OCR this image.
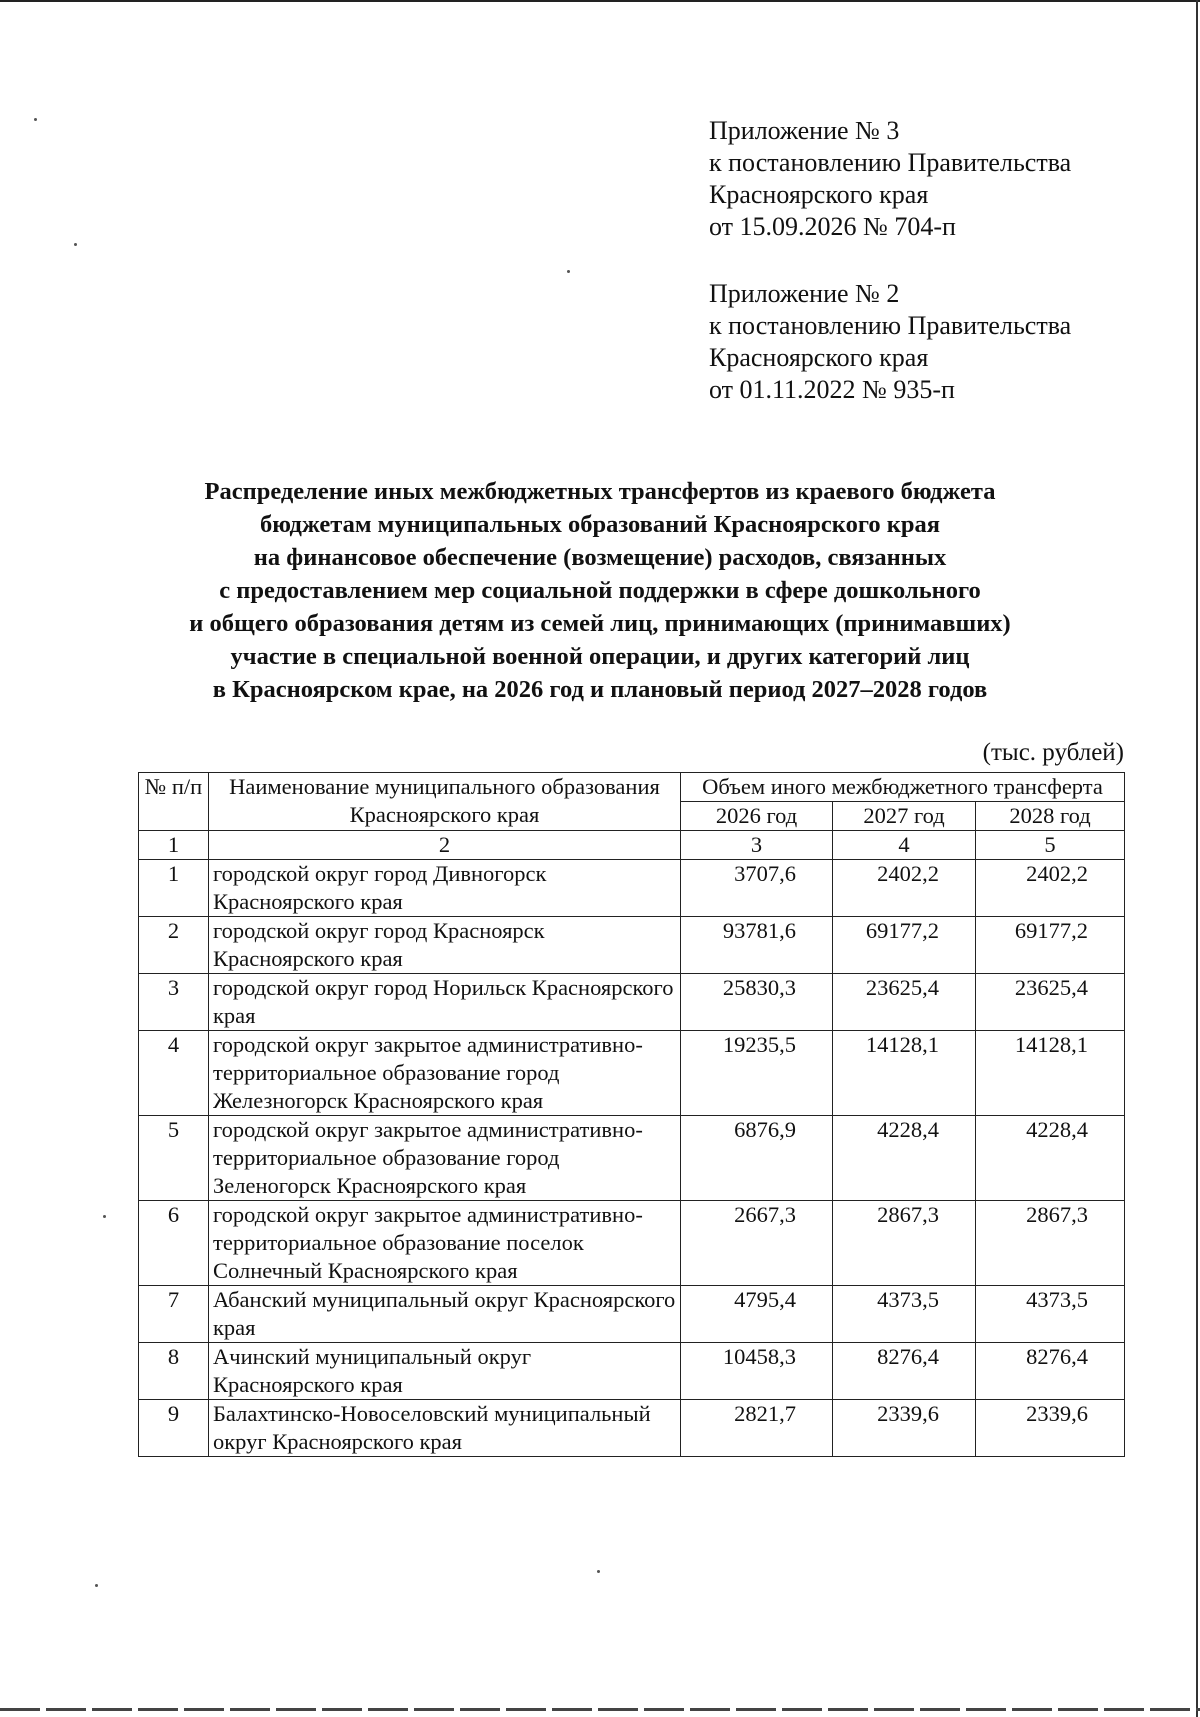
Приложение № 3
к постановлению Правительства
Красноярского края
от 15.09.2026 № 704-п
Приложение № 2
к постановлению Правительства
Красноярского края
от 01.11.2022 № 935-п
Распределение иных межбюджетных трансфертов из краевого бюджета
бюджетам муниципальных образований Красноярского края
на финансовое обеспечение (возмещение) расходов, связанных
с предоставлением мер социальной поддержки в сфере дошкольного
и общего образования детям из семей лиц, принимающих (принимавших)
участие в специальной военной операции, и других категорий лиц
в Красноярском крае, на 2026 год и плановый период 2027–2028 годов
(тыс. рублей)
№ п/п	Наименование муниципального образования Красноярского края	Объем иного межбюджетного трансферта		
		2026 год	2027 год	2028 год
1	2	3	4	5
1	городской округ город Дивногорск Красноярского края	3707,6	2402,2	2402,2
2	городской округ город Красноярск Красноярского края	93781,6	69177,2	69177,2
3	городской округ город Норильск Красноярского края	25830,3	23625,4	23625,4
4	городской округ закрытое административно-территориальное образование город Железногорск Красноярского края	19235,5	14128,1	14128,1
5	городской округ закрытое административно-территориальное образование город Зеленогорск Красноярского края	6876,9	4228,4	4228,4
6	городской округ закрытое административно-территориальное образование поселок Солнечный Красноярского края	2667,3	2867,3	2867,3
7	Абанский муниципальный округ Красноярского края	4795,4	4373,5	4373,5
8	Ачинский муниципальный округ Красноярского края	10458,3	8276,4	8276,4
9	Балахтинско-Новоселовский муниципальный округ Красноярского края	2821,7	2339,6	2339,6
